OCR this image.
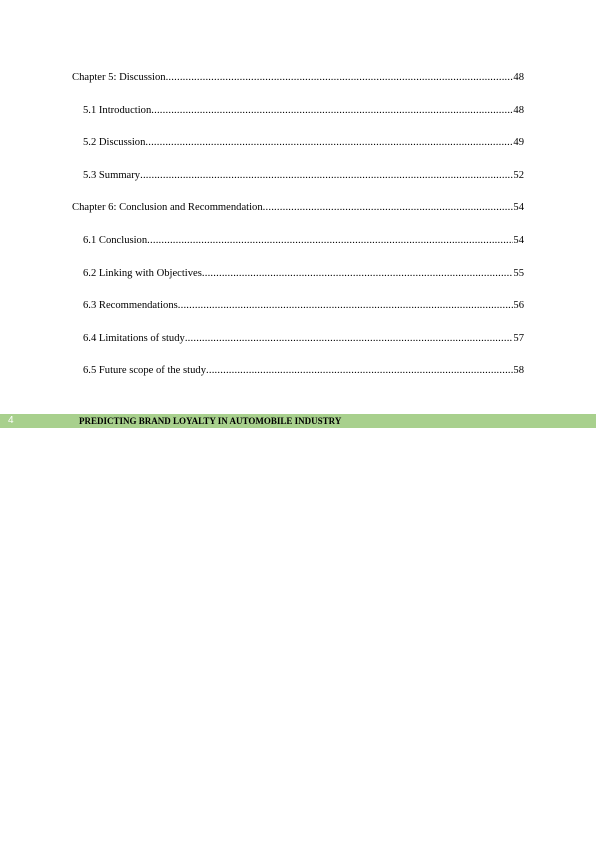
Chapter 5: Discussion .....	48
5.1 Introduction .....	48
5.2 Discussion .....	49
5.3 Summary .....	52
Chapter 6: Conclusion and Recommendation .....	54
6.1 Conclusion .....	54
6.2 Linking with Objectives .....	55
6.3 Recommendations .....	56
6.4 Limitations of study .....	57
6.5 Future scope of the study .....	58
4	PREDICTING BRAND LOYALTY IN AUTOMOBILE INDUSTRY
